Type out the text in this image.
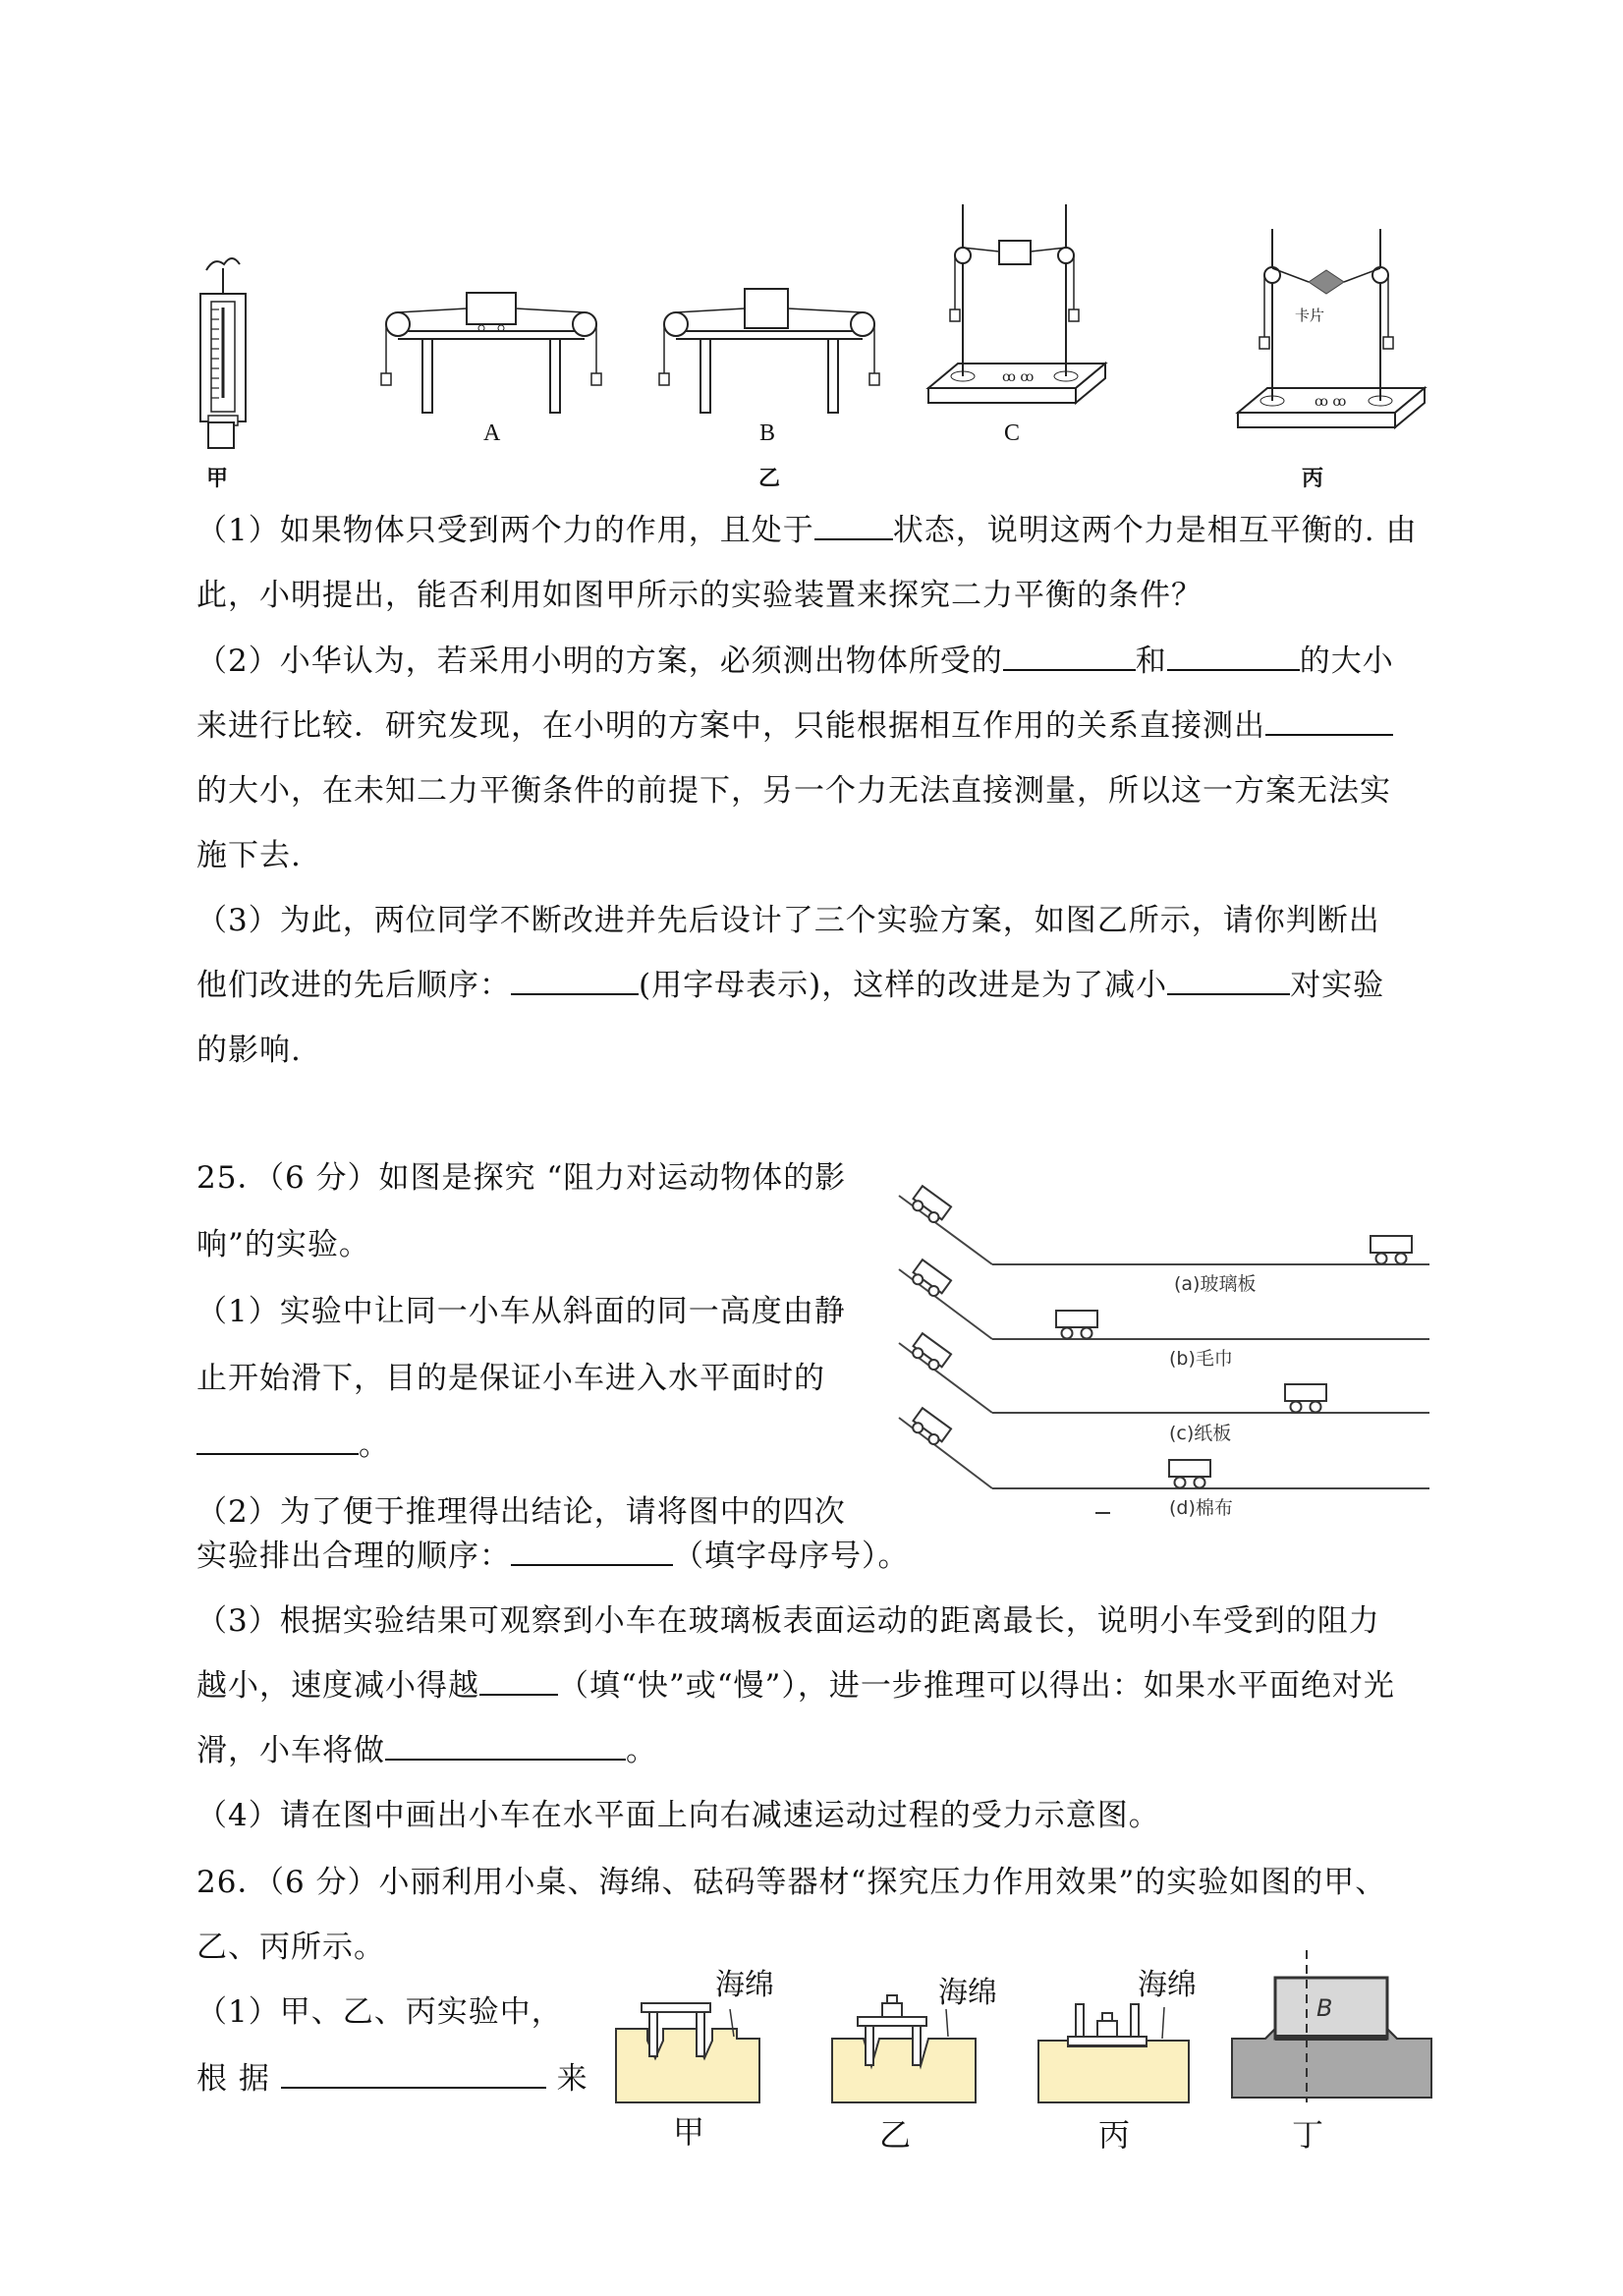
甲
A	B
ꝏ ꝏ
C
ꝏ ꝏ
卡片
丙
乙
（1）如果物体只受到两个力的作用，且处于	状态，说明这两个力是相互平衡的. 由
此，小明提出，能否利用如图甲所示的实验装置来探究二力平衡的条件？
（2）小华认为，若采用小明的方案，必须测出物体所受的	和	的大小
来进行比较．研究发现，在小明的方案中，只能根据相互作用的关系直接测出
的大小，在未知二力平衡条件的前提下，另一个力无法直接测量，所以这一方案无法实
施下去.
（3）为此，两位同学不断改进并先后设计了三个实验方案，如图乙所示，请你判断出
他们改进的先后顺序：	(用字母表示)，这样的改进是为了减小	对实验
的影响.
25．（6 分）如图是探究 “阻力对运动物体的影
响”的实验。
（1）实验中让同一小车从斜面的同一高度由静
止开始滑下，目的是保证小车进入水平面时的
。
（2）为了便于推理得出结论，请将图中的四次
(a)玻璃板
(b)毛巾
(c)纸板
(d)棉布
实验排出合理的顺序：	（填字母序号）。
（3）根据实验结果可观察到小车在玻璃板表面运动的距离最长，说明小车受到的阻力
越小，速度减小得越	（填“快”或“慢”），进一步推理可以得出：如果水平面绝对光
滑，小车将做	。
（4）请在图中画出小车在水平面上向右减速运动过程的受力示意图。
26．（6 分）小丽利用小桌、海绵、砝码等器材“探究压力作用效果”的实验如图的甲、
乙、丙所示。
（1）甲、乙、丙实验中，
根 据	来
B
海绵	海绵	海绵
甲	乙	丙	丁
